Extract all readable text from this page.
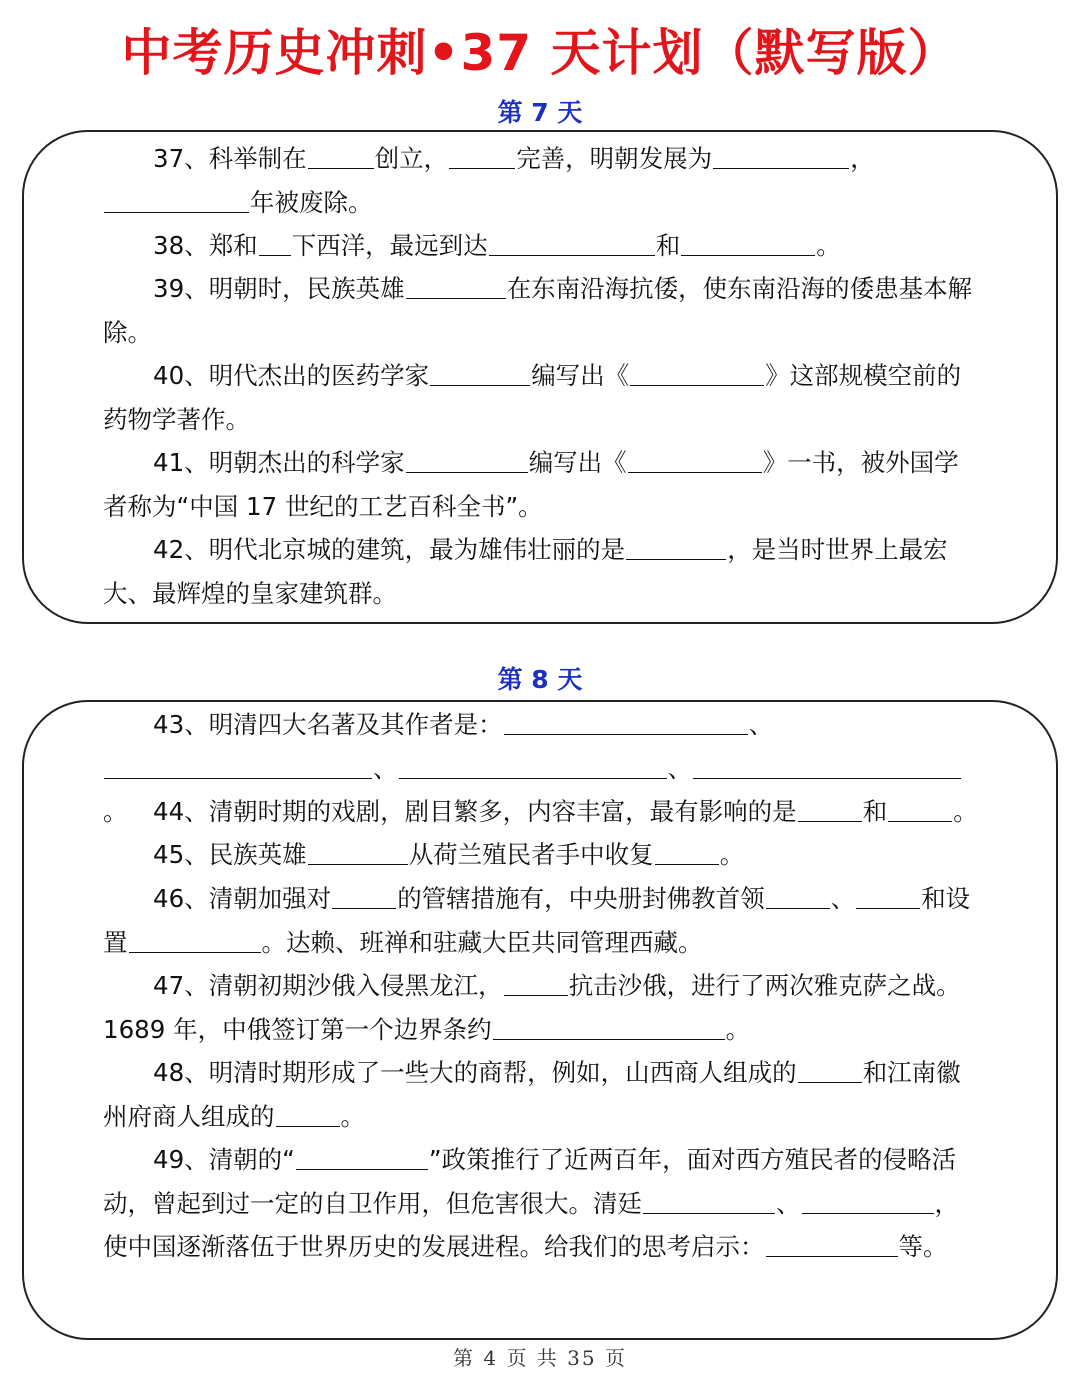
中考历史冲刺•37 天计划（默写版）
第 7 天
37、科举制在	创立，	完善，明朝发展为	，
年被废除。
38、郑和 下西洋，最远到达	和	。
39、明朝时，民族英雄	在东南沿海抗倭，使东南沿海的倭患基本解除。
40、明代杰出的医药学家	编写出《	》这部规模空前的药物学著作。
41、明朝杰出的科学家	编写出《	》一书，被外国学者称为“中国 17 世纪的工艺百科全书”。
42、明代北京城的建筑，最为雄伟壮丽的是	，是当时世界上最宏大、最辉煌的皇家建筑群。
第 8 天
43、明清四大名著及其作者是：	、
、	、。	44、清朝时期的戏剧，剧目繁多，内容丰富，最有影响的是	和	。
45、民族英雄	从荷兰殖民者手中收复	。
46、清朝加强对	的管辖措施有，中央册封佛教首领	、	和设置	。达赖、班禅和驻藏大臣共同管理西藏。
47、清朝初期沙俄入侵黑龙江，	抗击沙俄，进行了两次雅克萨之战。1689 年，中俄签订第一个边界条约	。
48、明清时期形成了一些大的商帮，例如，山西商人组成的	和江南徽州府商人组成的	。
49、清朝的“	”政策推行了近两百年，面对西方殖民者的侵略活动，曾起到过一定的自卫作用，但危害很大。清廷	、	，使中国逐渐落伍于世界历史的发展进程。给我们的思考启示：	等。
第 4 页 共 35 页
